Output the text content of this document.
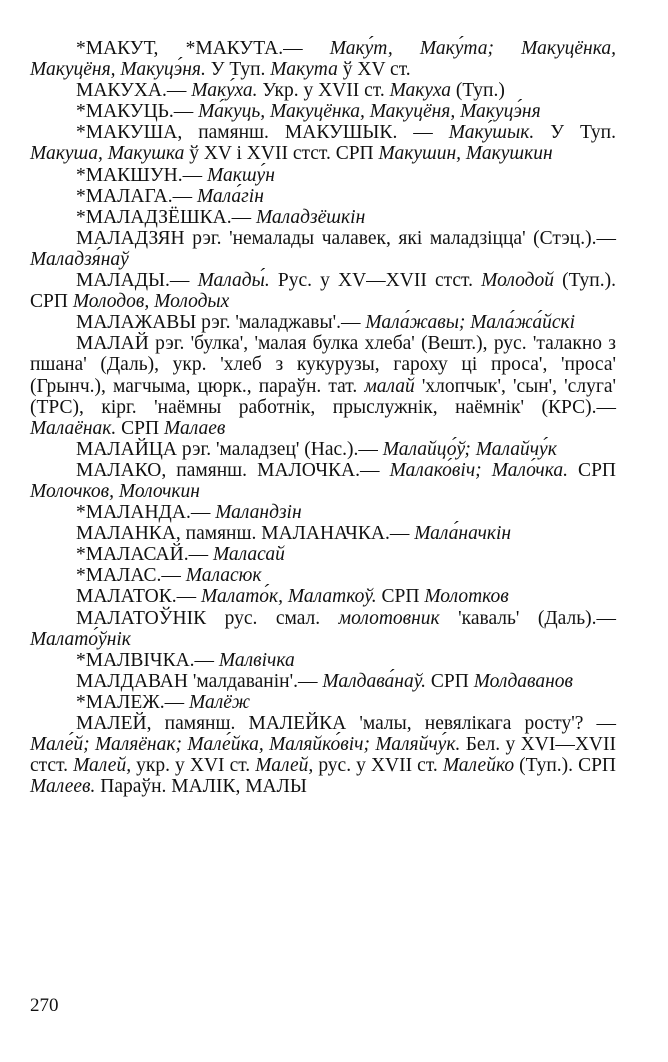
*МАКУТ, *МАКУТА.— Маку́т, Маку́та; Макуцёнка, Макуцёня, Макуцэ́ня. У Туп. Макута ў XV ст.

МАКУХА.— Маку́ха. Укр. у XVII ст. Макуха (Туп.)

*МАКУЦЬ.— Ма́куць, Макуцёнка, Макуцёня, Макуцэ́ня

*МАКУША, памянш. МАКУШЫК. — Маку́шык. У Туп. Макуша, Макушка ў XV і XVII стст. СРП Макушин, Макушкин

*МАКШУН.— Макшу́н

*МАЛАГА.— Мала́гін

*МАЛАДЗЁШКА.— Маладзёшкін

МАЛАДЗЯН рэг. 'немалады чалавек, які маладзіцца' (Стэц.).— Маладзя́наў

МАЛАДЫ.— Малады́. Рус. у XV—XVII стст. Молодой (Туп.). СРП Молодов, Молодых

МАЛАЖАВЫ рэг. 'маладжавы'.— Мала́жавы; Мала́жа́йскі

МАЛАЙ рэг. 'булка', 'малая булка хлеба' (Вешт.), рус. 'талакно з пшана' (Даль), укр. 'хлеб з кукурузы, гароху ці проса', 'проса' (Грынч.), магчыма, цюрк., параўн. тат. малай 'хлопчык', 'сын', 'слуга' (ТРС), кірг. 'наёмны работнік, прыслужнік, наёмнік' (КРС).— Малаёнак. СРП Малаев

МАЛАЙЦА рэг. 'маладзец' (Нас.).— Малайцо́ў; Малайчу́к

МАЛАКО, памянш. МАЛОЧКА.— Малако́віч; Мало́чка. СРП Молочков, Молочкин

*МАЛАНДА.— Маландзін

МАЛАНКА, памянш. МАЛАНАЧКА.— Мала́начкін

*МАЛАСАЙ.— Маласай

*МАЛАС.— Маласюк

МАЛАТОК.— Малато́к, Малаткоў. СРП Молотков

МАЛАТОЎНІК рус. смал. молотовник 'каваль' (Даль).— Малато́ўнік

*МАЛВІЧКА.— Малвічка

МАЛДАВАН 'малдаванін'.— Малдава́наў. СРП Молдаванов

*МАЛЕЖ.— Малёж

МАЛЕЙ, памянш. МАЛЕЙКА 'малы, невялікага росту'? — Мале́й; Маляёнак; Мале́йка, Маляйко́віч; Маляйчу́к. Бел. у XVI—XVII стст. Малей, укр. у XVI ст. Малей, рус. у XVII ст. Малейко (Туп.). СРП Малеев. Параўн. МАЛІК, МАЛЫ

270
